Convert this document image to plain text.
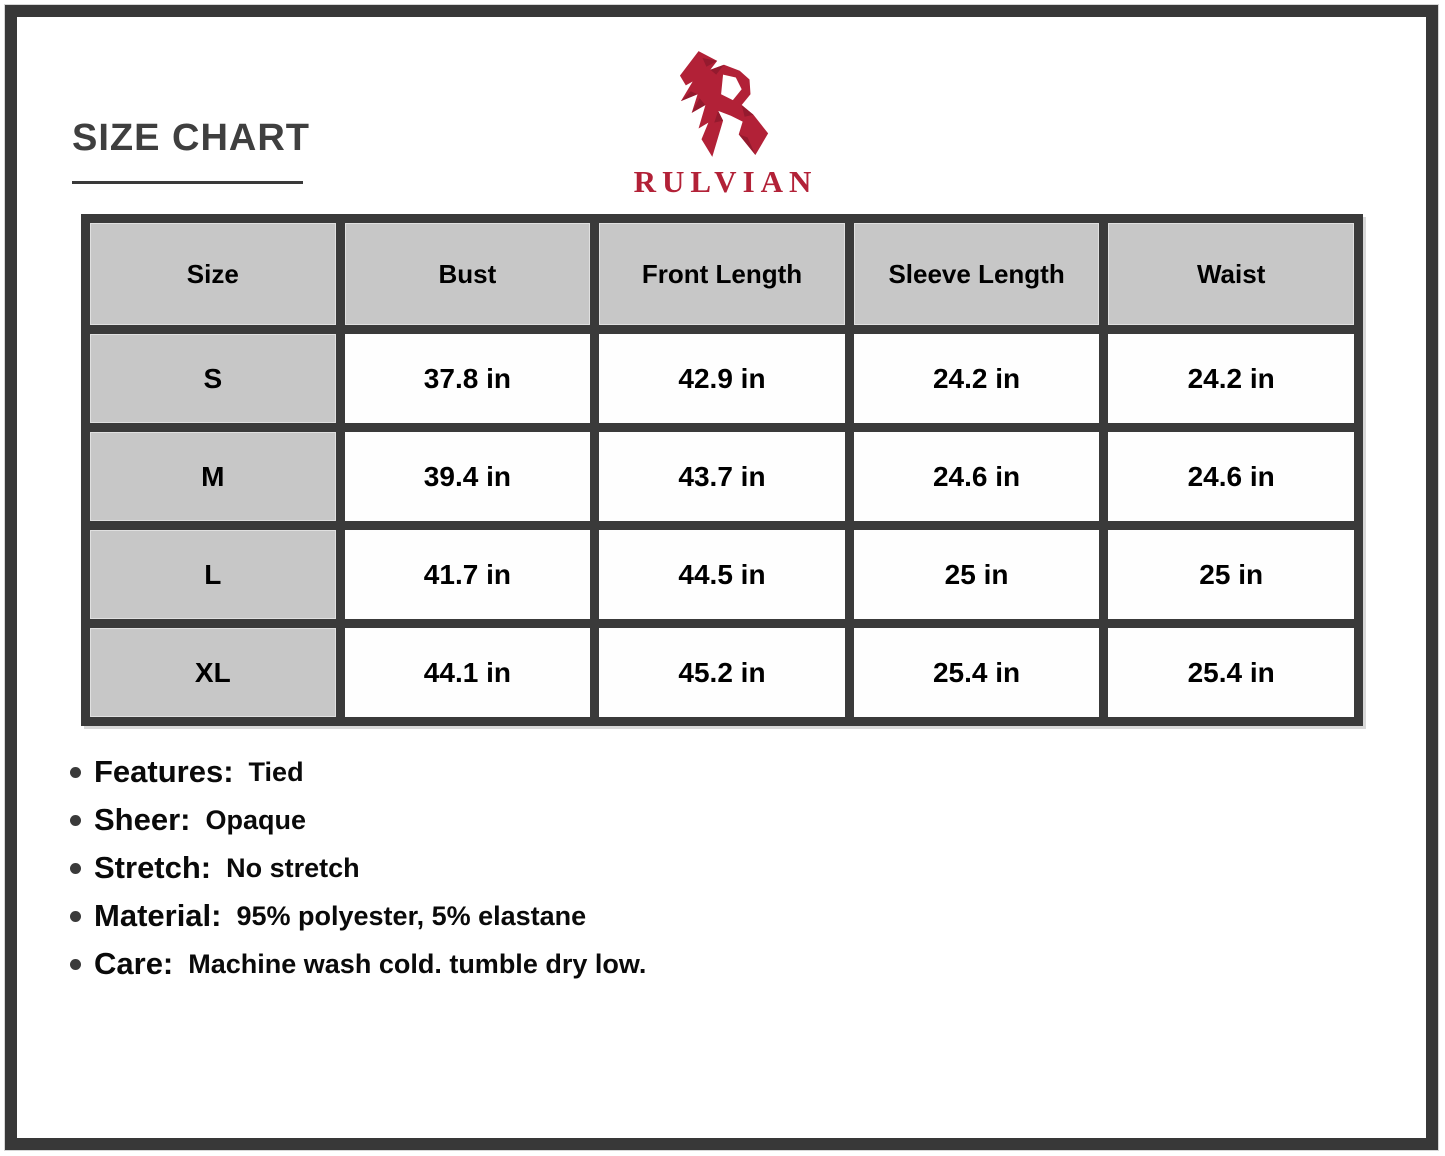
SIZE CHART
RULVIAN
Size	Bust	Front Length	Sleeve Length	Waist
S	37.8 in	42.9 in	24.2 in	24.2 in
M	39.4 in	43.7 in	24.6 in	24.6 in
L	41.7 in	44.5 in	25 in	25 in
XL	44.1 in	45.2 in	25.4 in	25.4 in
Features: Tied
Sheer: Opaque
Stretch: No stretch
Material: 95% polyester, 5% elastane
Care: Machine wash cold. tumble dry low.
